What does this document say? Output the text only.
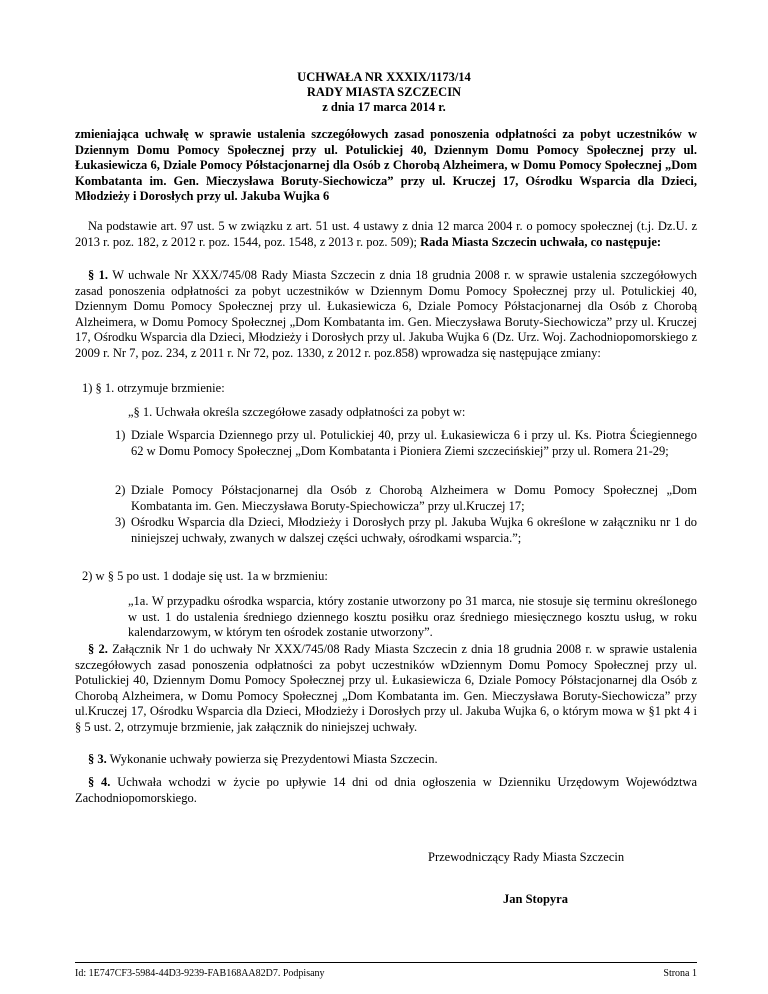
UCHWAŁA NR XXXIX/1173/14
RADY MIASTA SZCZECIN
z dnia 17 marca 2014 r.
zmieniająca uchwałę w sprawie ustalenia szczegółowych zasad ponoszenia odpłatności za pobyt uczestników w Dziennym Domu Pomocy Społecznej przy ul. Potulickiej 40, Dziennym Domu Pomocy Społecznej przy ul. Łukasiewicza 6, Dziale Pomocy Półstacjonarnej dla Osób z Chorobą Alzheimera, w Domu Pomocy Społecznej „Dom Kombatanta im. Gen. Mieczysława Boruty-Siechowicza” przy ul. Kruczej 17, Ośrodku Wsparcia dla Dzieci, Młodzieży i Dorosłych przy ul. Jakuba Wujka 6
Na podstawie art. 97 ust. 5 w związku z art. 51 ust. 4 ustawy z dnia 12 marca 2004 r. o pomocy społecznej (t.j. Dz.U. z 2013 r. poz. 182, z 2012 r. poz. 1544, poz. 1548, z 2013 r. poz. 509); Rada Miasta Szczecin uchwała, co następuje:
§ 1. W uchwale Nr XXX/745/08 Rady Miasta Szczecin z dnia 18 grudnia 2008 r. w sprawie ustalenia szczegółowych zasad ponoszenia odpłatności za pobyt uczestników w Dziennym Domu Pomocy Społecznej przy ul. Potulickiej 40, Dziennym Domu Pomocy Społecznej przy ul. Łukasiewicza 6, Dziale Pomocy Półstacjonarnej dla Osób z Chorobą Alzheimera, w Domu Pomocy Społecznej „Dom Kombatanta im. Gen. Mieczysława Boruty-Siechowicza” przy ul. Kruczej 17, Ośrodku Wsparcia dla Dzieci, Młodzieży i Dorosłych przy ul. Jakuba Wujka 6 (Dz. Urz. Woj. Zachodniopomorskiego z 2009 r. Nr 7, poz. 234, z 2011 r. Nr 72, poz. 1330, z 2012 r. poz.858) wprowadza się następujące zmiany:
1) § 1. otrzymuje brzmienie:
„§ 1. Uchwała określa szczegółowe zasady odpłatności za pobyt w:
1) Dziale Wsparcia Dziennego przy ul. Potulickiej 40, przy ul. Łukasiewicza 6 i przy ul. Ks. Piotra Ściegiennego 62 w Domu Pomocy Społecznej „Dom Kombatanta i Pioniera Ziemi szczecińskiej” przy ul. Romera 21-29;
2) Dziale Pomocy Półstacjonarnej dla Osób z Chorobą Alzheimera w Domu Pomocy Społecznej „Dom Kombatanta im. Gen. Mieczysława Boruty-Spiechowicza” przy ul.Kruczej 17;
3) Ośrodku Wsparcia dla Dzieci, Młodzieży i Dorosłych przy pl. Jakuba Wujka 6 określone w załączniku nr 1 do niniejszej uchwały, zwanych w dalszej części uchwały, ośrodkami wsparcia.”;
2) w § 5 po ust. 1 dodaje się ust. 1a w brzmieniu:
„1a. W przypadku ośrodka wsparcia, który zostanie utworzony po 31 marca, nie stosuje się terminu określonego w ust. 1 do ustalenia średniego dziennego kosztu posiłku oraz średniego miesięcznego kosztu usług, w roku kalendarzowym, w którym ten ośrodek zostanie utworzony”.
§ 2. Załącznik Nr 1 do uchwały Nr XXX/745/08 Rady Miasta Szczecin z dnia 18 grudnia 2008 r. w sprawie ustalenia szczegółowych zasad ponoszenia odpłatności za pobyt uczestników wDziennym Domu Pomocy Społecznej przy ul. Potulickiej 40, Dziennym Domu Pomocy Społecznej przy ul. Łukasiewicza 6, Dziale Pomocy Półstacjonarnej dla Osób z Chorobą Alzheimera, w Domu Pomocy Społecznej „Dom Kombatanta im. Gen. Mieczysława Boruty-Siechowicza” przy ul.Kruczej 17, Ośrodku Wsparcia dla Dzieci, Młodzieży i Dorosłych przy ul. Jakuba Wujka 6, o którym mowa w §1 pkt 4 i § 5 ust. 2, otrzymuje brzmienie, jak załącznik do niniejszej uchwały.
§ 3. Wykonanie uchwały powierza się Prezydentowi Miasta Szczecin.
§ 4. Uchwała wchodzi w życie po upływie 14 dni od dnia ogłoszenia w Dzienniku Urzędowym Województwa Zachodniopomorskiego.
Przewodniczący Rady Miasta Szczecin
Jan Stopyra
Id: 1E747CF3-5984-44D3-9239-FAB168AA82D7. Podpisany	Strona 1
